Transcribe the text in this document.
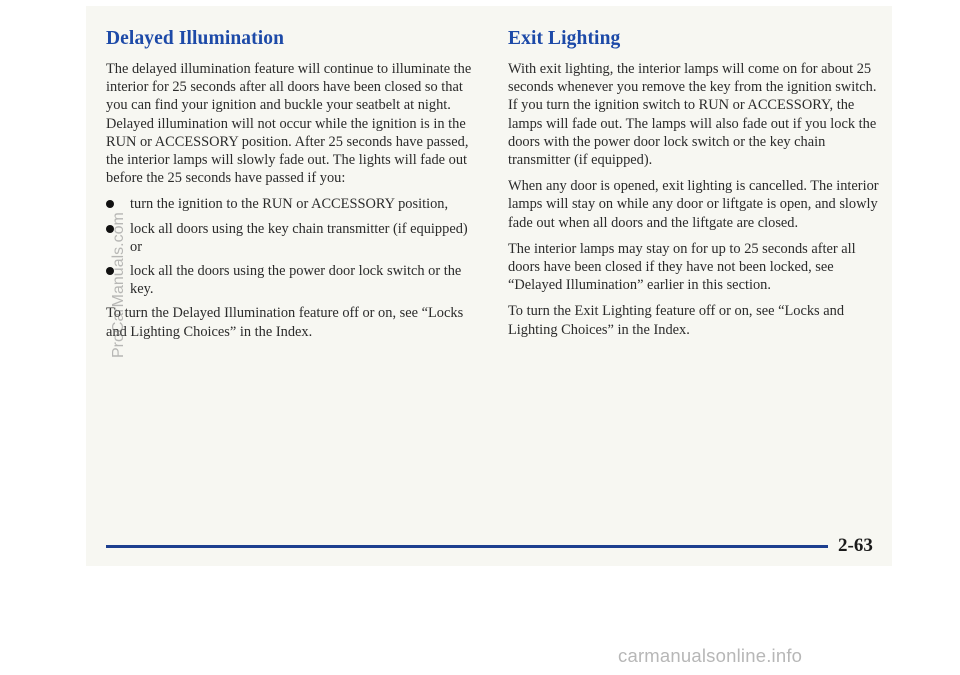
Delayed Illumination

The delayed illumination feature will continue to illuminate the interior for 25 seconds after all doors have been closed so that you can find your ignition and buckle your seatbelt at night. Delayed illumination will not occur while the ignition is in the RUN or ACCESSORY position. After 25 seconds have passed, the interior lamps will slowly fade out. The lights will fade out before the 25 seconds have passed if you:

turn the ignition to the RUN or ACCESSORY position,
lock all doors using the key chain transmitter (if equipped) or
lock all the doors using the power door lock switch or the key.

To turn the Delayed Illumination feature off or on, see “Locks and Lighting Choices” in the Index.

Exit Lighting

With exit lighting, the interior lamps will come on for about 25 seconds whenever you remove the key from the ignition switch. If you turn the ignition switch to RUN or ACCESSORY, the lamps will fade out. The lamps will also fade out if you lock the doors with the power door lock switch or the key chain transmitter (if equipped).

When any door is opened, exit lighting is cancelled. The interior lamps will stay on while any door or liftgate is open, and slowly fade out when all doors and the liftgate are closed.

The interior lamps may stay on for up to 25 seconds after all doors have been closed if they have not been locked, see “Delayed Illumination” earlier in this section.

To turn the Exit Lighting feature off or on, see “Locks and Lighting Choices” in the Index.

2-63
ProCarManuals.com
carmanualsonline.info
